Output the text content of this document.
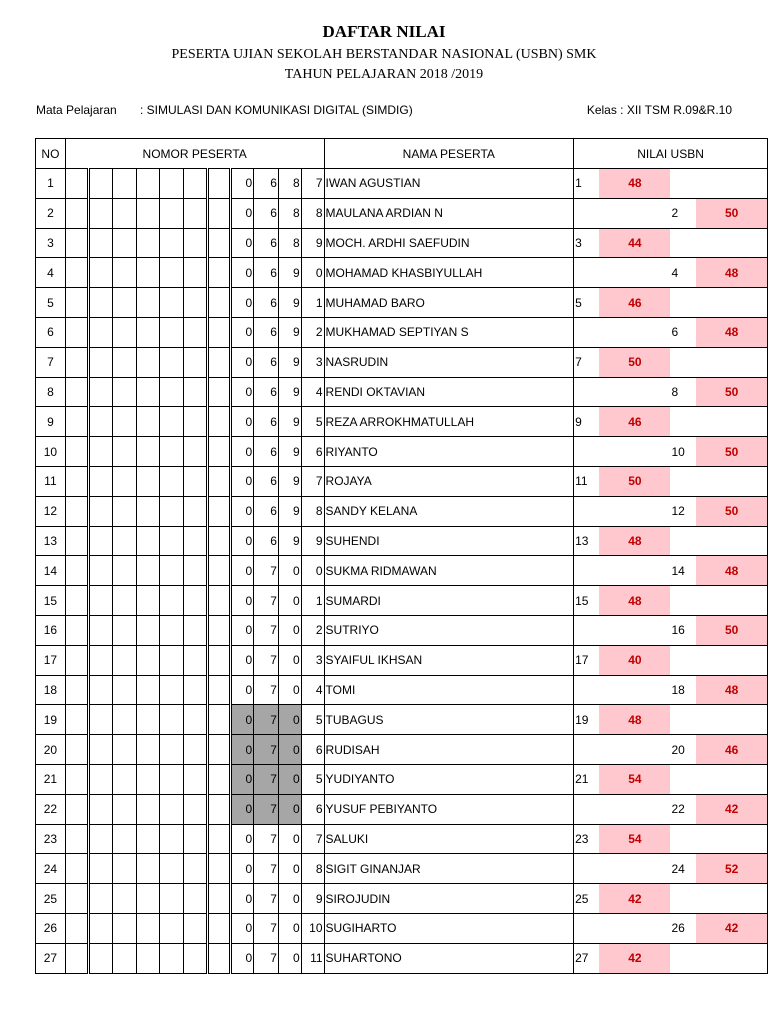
DAFTAR NILAI
PESERTA UJIAN SEKOLAH BERSTANDAR NASIONAL (USBN) SMK
TAHUN PELAJARAN 2018 /2019
Mata Pelajaran : SIMULASI DAN KOMUNIKASI DIGITAL (SIMDIG)	Kelas : XII TSM R.09&R.10
NO	NOMOR PESERTA											NAMA PESERTA	NILAI USBN			
1								0	6	8	7	IWAN AGUSTIAN	1	48		
2								0	6	8	8	MAULANA ARDIAN N			2	50
3								0	6	8	9	MOCH. ARDHI SAEFUDIN	3	44		
4								0	6	9	0	MOHAMAD KHASBIYULLAH			4	48
5								0	6	9	1	MUHAMAD BARO	5	46		
6								0	6	9	2	MUKHAMAD SEPTIYAN S			6	48
7								0	6	9	3	NASRUDIN	7	50		
8								0	6	9	4	RENDI OKTAVIAN			8	50
9								0	6	9	5	REZA ARROKHMATULLAH	9	46		
10								0	6	9	6	RIYANTO			10	50
11								0	6	9	7	ROJAYA	11	50		
12								0	6	9	8	SANDY KELANA			12	50
13								0	6	9	9	SUHENDI	13	48		
14								0	7	0	0	SUKMA RIDMAWAN			14	48
15								0	7	0	1	SUMARDI	15	48		
16								0	7	0	2	SUTRIYO			16	50
17								0	7	0	3	SYAIFUL IKHSAN	17	40		
18								0	7	0	4	TOMI			18	48
19								0	7	0	5	TUBAGUS	19	48		
20								0	7	0	6	RUDISAH			20	46
21								0	7	0	5	YUDIYANTO	21	54		
22								0	7	0	6	YUSUF PEBIYANTO			22	42
23								0	7	0	7	SALUKI	23	54		
24								0	7	0	8	SIGIT GINANJAR			24	52
25								0	7	0	9	SIROJUDIN	25	42		
26								0	7	0	10	SUGIHARTO			26	42
27								0	7	0	11	SUHARTONO	27	42		
